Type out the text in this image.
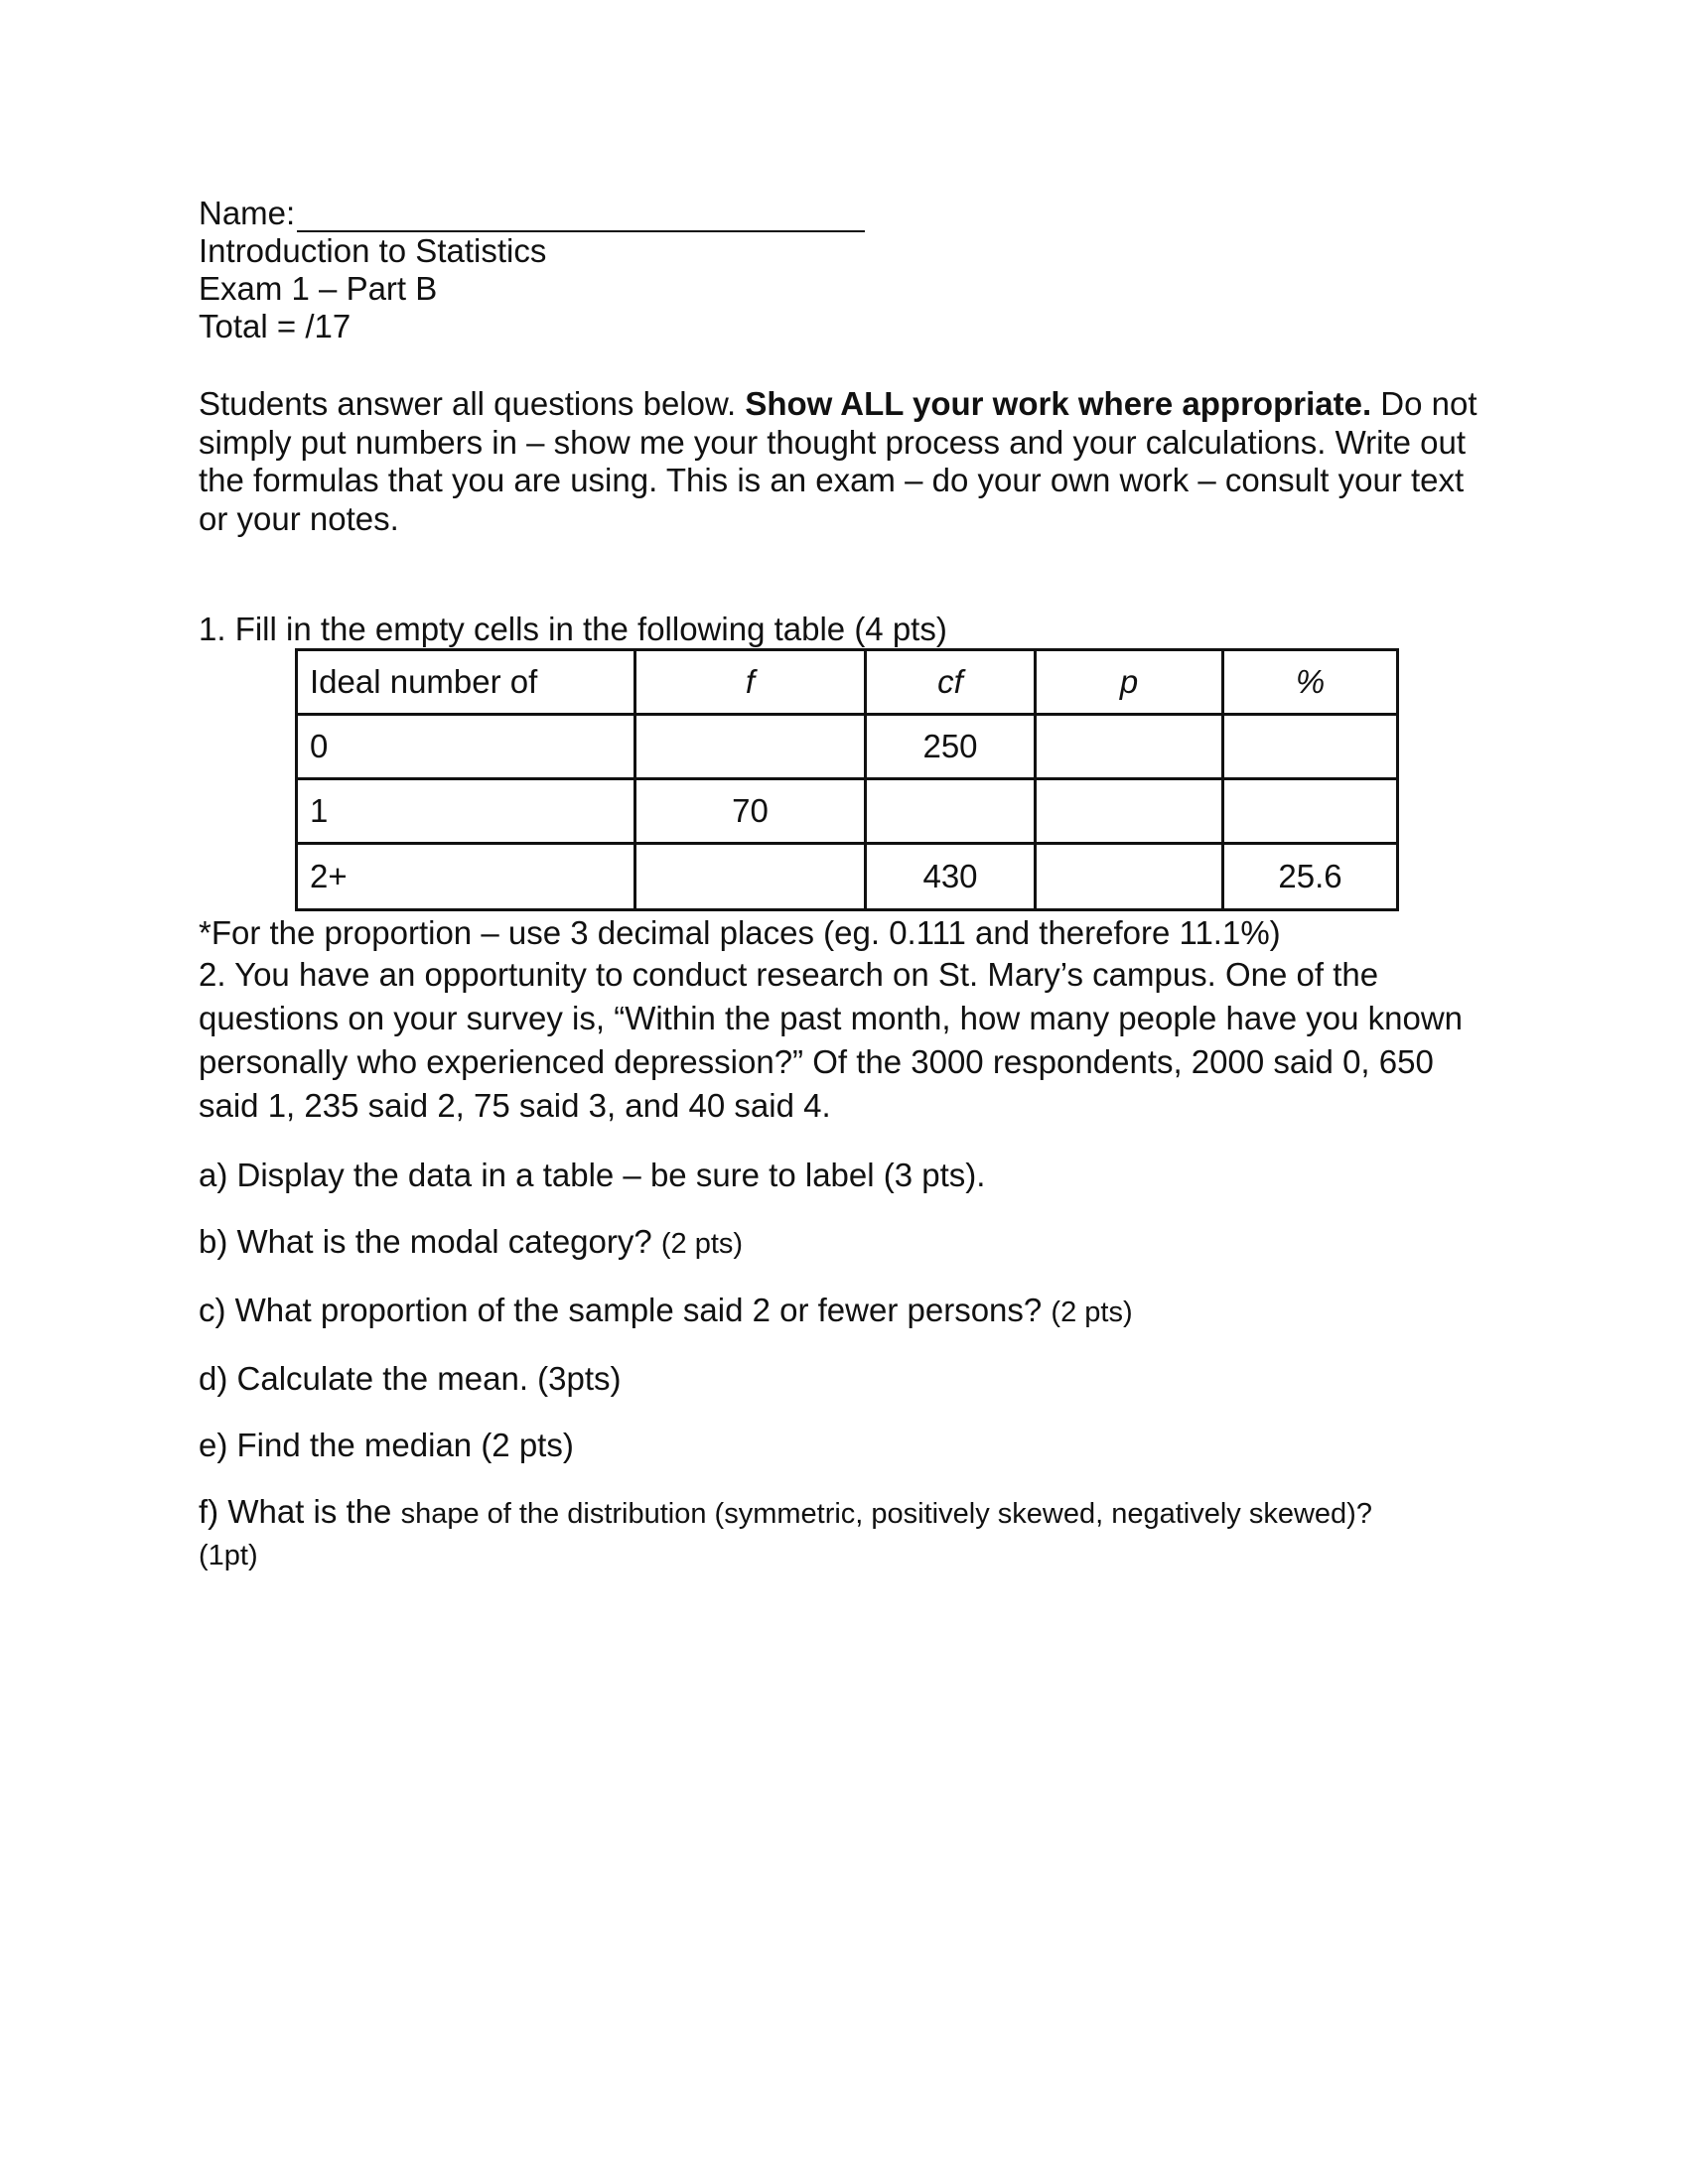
Name:
Introduction to Statistics
Exam 1 – Part B
Total = /17
Students answer all questions below. Show ALL your work where appropriate. Do not simply put numbers in – show me your thought process and your calculations. Write out the formulas that you are using. This is an exam – do your own work – consult your text or your notes.
1. Fill in the empty cells in the following table (4 pts)
Ideal number of	f	cf	p	%
0		250		
1	70			
2+		430		25.6
*For the proportion – use 3 decimal places (eg. 0.111 and therefore 11.1%)
2. You have an opportunity to conduct research on St. Mary’s campus. One of the questions on your survey is, “Within the past month, how many people have you known personally who experienced depression?” Of the 3000 respondents, 2000 said 0, 650 said 1, 235 said 2, 75 said 3, and 40 said 4.
a) Display the data in a table – be sure to label (3 pts).
b) What is the modal category? (2 pts)
c) What proportion of the sample said 2 or fewer persons? (2 pts)
d) Calculate the mean. (3pts)
e) Find the median (2 pts)
f) What is the shape of the distribution (symmetric, positively skewed, negatively skewed)?
(1pt)
